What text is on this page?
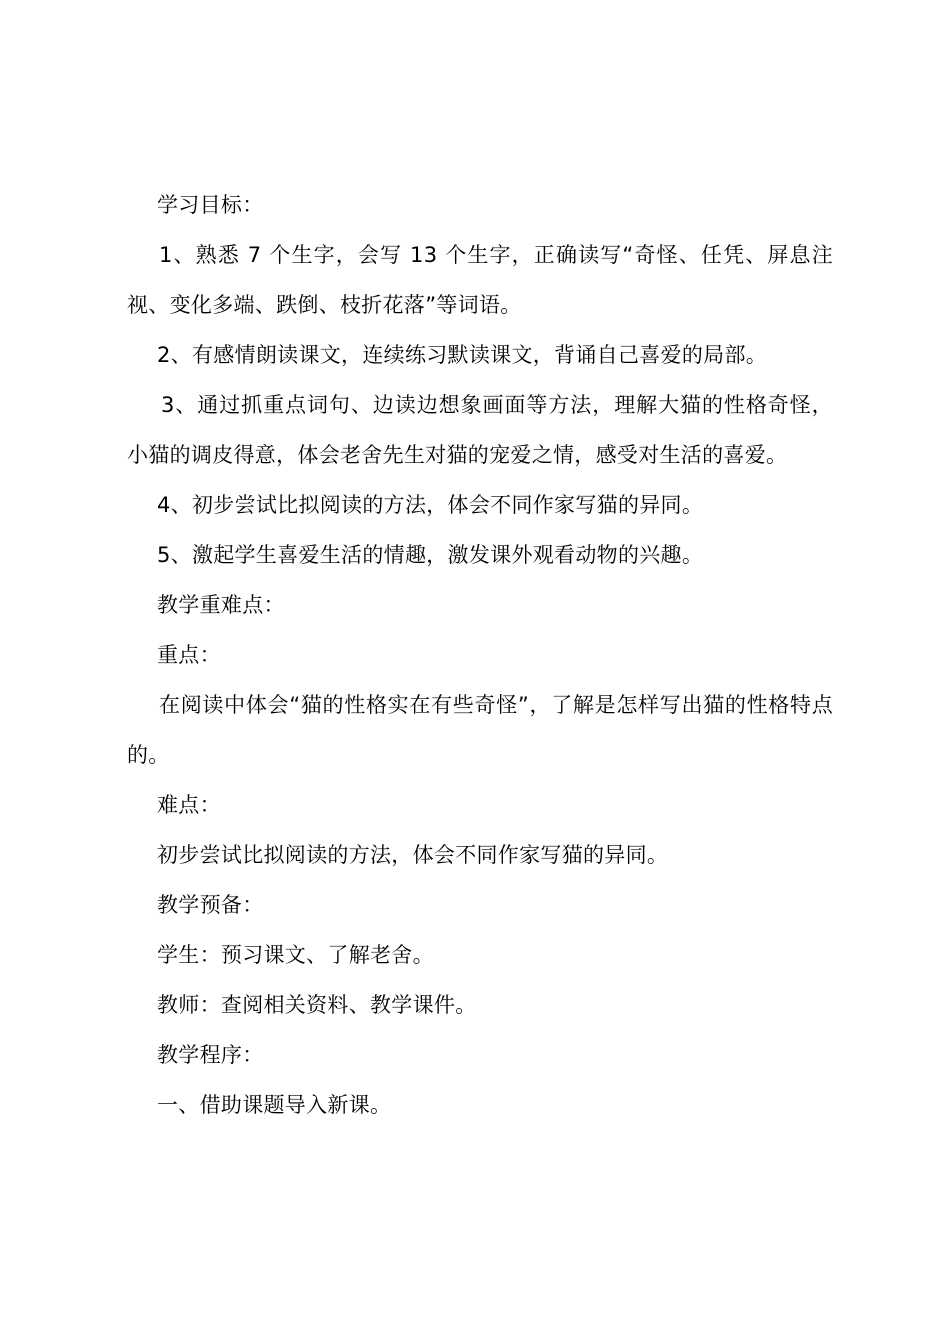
学习目标：

1、熟悉 7 个生字，会写 13 个生字，正确读写“奇怪、任凭、屏息注视、变化多端、跌倒、枝折花落”等词语。

2、有感情朗读课文，连续练习默读课文，背诵自己喜爱的局部。

3、通过抓重点词句、边读边想象画面等方法，理解大猫的性格奇怪，小猫的调皮得意，体会老舍先生对猫的宠爱之情，感受对生活的喜爱。

4、初步尝试比拟阅读的方法，体会不同作家写猫的异同。

5、激起学生喜爱生活的情趣，激发课外观看动物的兴趣。

教学重难点：

重点：

在阅读中体会“猫的性格实在有些奇怪”，了解是怎样写出猫的性格特点的。

难点：

初步尝试比拟阅读的方法，体会不同作家写猫的异同。

教学预备：

学生：预习课文、了解老舍。

教师：查阅相关资料、教学课件。

教学程序：

一、借助课题导入新课。
